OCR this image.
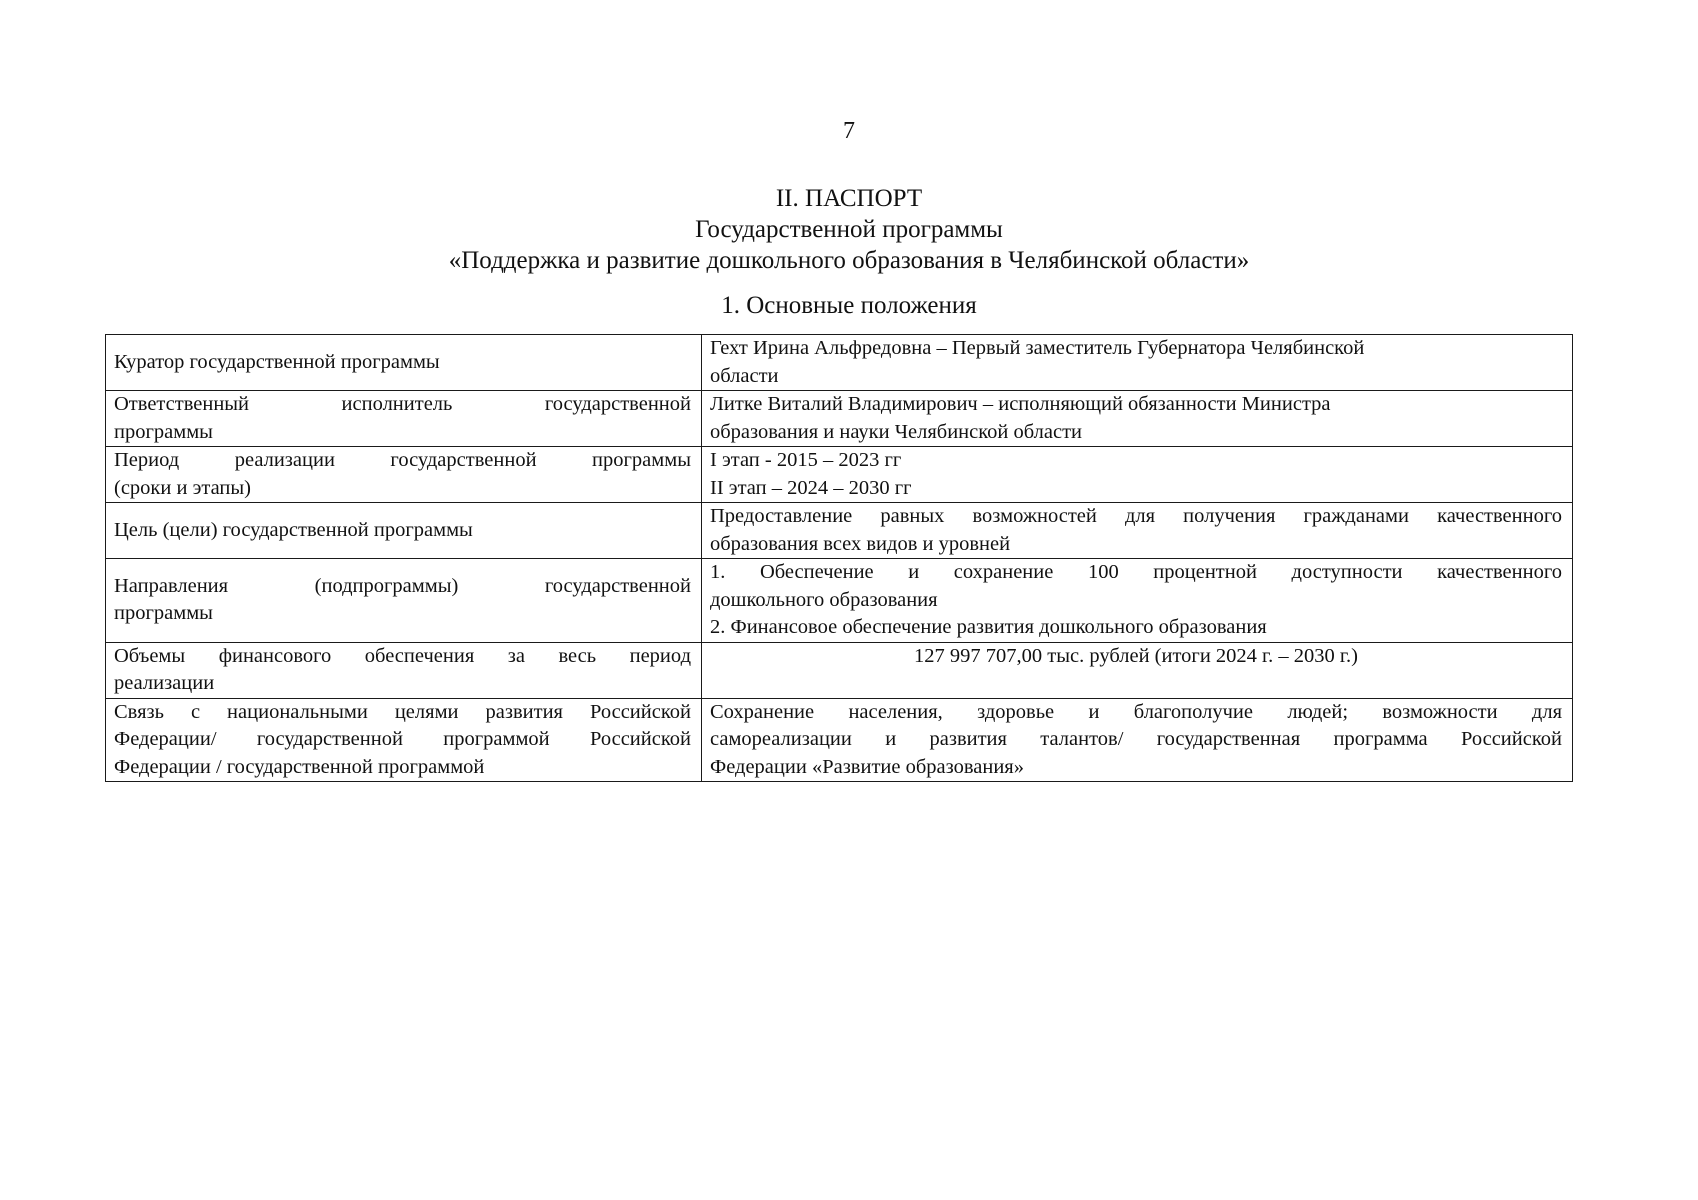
7
II. ПАСПОРТ
Государственной программы
«Поддержка и развитие дошкольного образования в Челябинской области»
1. Основные положения
Куратор государственной программы	Гехт Ирина Альфредовна – Первый заместитель Губернатора Челябинской
области

Ответственный исполнитель государственной
программы	Литке Виталий Владимирович – исполняющий обязанности Министра
образования и науки Челябинской области

Период реализации государственной программы
(сроки и этапы)	I этап - 2015 – 2023 гг
II этап – 2024 – 2030 гг

Цель (цели) государственной программы	Предоставление равных возможностей для получения гражданами качественного
образования всех видов и уровней

Направления (подпрограммы) государственной
программы	1. Обеспечение и сохранение 100 процентной доступности качественного
дошкольного образования
2. Финансовое обеспечение развития дошкольного образования

Объемы финансового обеспечения за весь период
реализации	127 997 707,00 тыс. рублей (итоги 2024 г. – 2030 г.)

Связь с национальными целями развития Российской
Федерации/ государственной программой Российской
Федерации / государственной программой	Сохранение населения, здоровье и благополучие людей; возможности для
самореализации и развития талантов/ государственная программа Российской
Федерации «Развитие образования»
